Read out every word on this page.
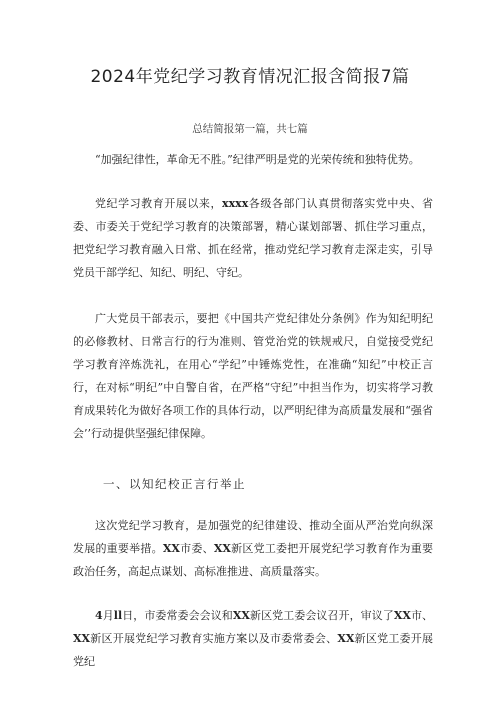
2024年党纪学习教育情况汇报含简报7篇
总结简报第一篇，共七篇

“加强纪律性，革命无不胜。”纪律严明是党的光荣传统和独特优势。

党纪学习教育开展以来，xxxx各级各部门认真贯彻落实党中央、省委、市委关于党纪学习教育的决策部署，精心谋划部署、抓住学习重点，把党纪学习教育融入日常、抓在经常，推动党纪学习教育走深走实，引导党员干部学纪、知纪、明纪、守纪。

广大党员干部表示，要把《中国共产党纪律处分条例》作为知纪明纪的必修教材、日常言行的行为准则、管党治党的铁规戒尺，自觉接受党纪学习教育淬炼洗礼，在用心“学纪”中锤炼党性，在准确“知纪”中校正言行，在对标“明纪”中自警自省，在严格“守纪”中担当作为，切实将学习教育成果转化为做好各项工作的具体行动，以严明纪律为高质量发展和“强省会’’行动提供坚强纪律保障。

一、以知纪校正言行举止

这次党纪学习教育，是加强党的纪律建设、推动全面从严治党向纵深发展的重要举措。XX市委、XX新区党工委把开展党纪学习教育作为重要政治任务，高起点谋划、高标准推进、高质量落实。

4月ll日，市委常委会会议和XX新区党工委会议召开，审议了XX市、XX新区开展党纪学习教育实施方案以及市委常委会、XX新区党工委开展党纪
